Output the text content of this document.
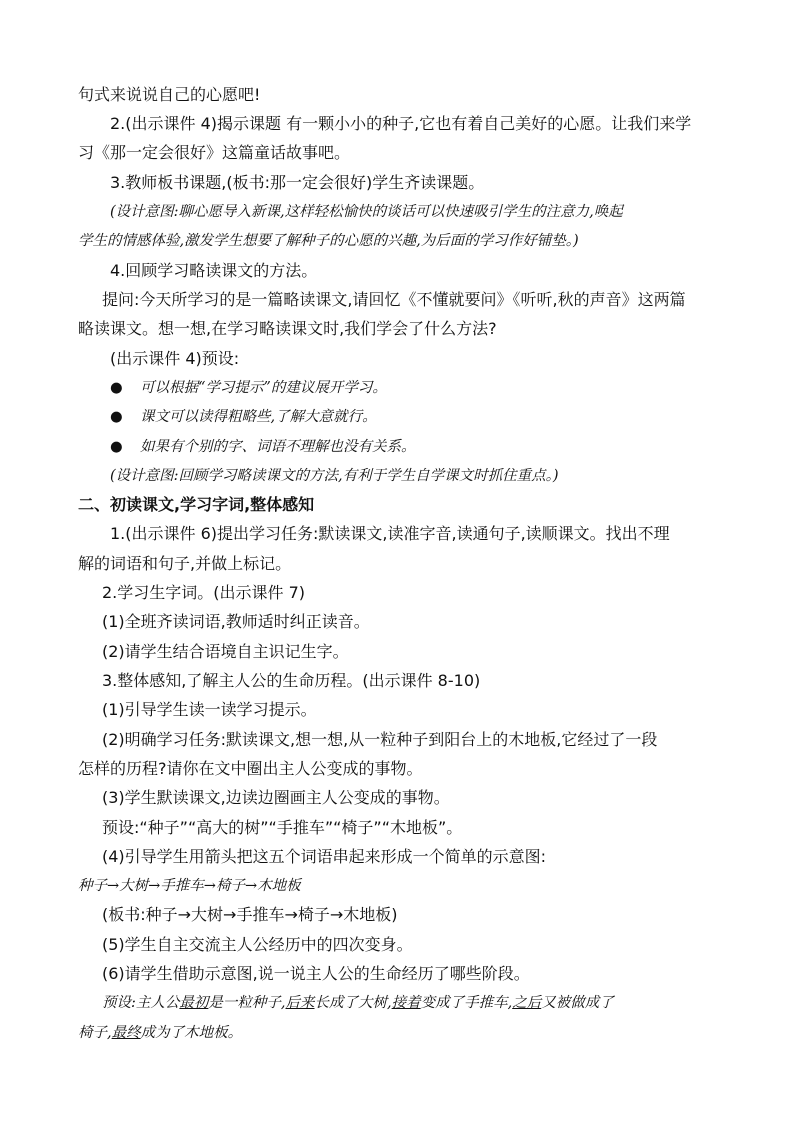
句式来说说自己的心愿吧!
2.(出示课件 4)揭示课题 有一颗小小的种子,它也有着自己美好的心愿。让我们来学
习《那一定会很好》这篇童话故事吧。
3.教师板书课题,(板书:那一定会很好)学生齐读课题。
(设计意图:聊心愿导入新课,这样轻松愉快的谈话可以快速吸引学生的注意力,唤起
学生的情感体验,激发学生想要了解种子的心愿的兴趣,为后面的学习作好铺垫。)
4.回顾学习略读课文的方法。
提问:今天所学习的是一篇略读课文,请回忆《不懂就要问》《听听,秋的声音》这两篇
略读课文。想一想,在学习略读课文时,我们学会了什么方法?
(出示课件 4)预设:
● 可以根据“学习提示”的建议展开学习。
● 课文可以读得粗略些,了解大意就行。
● 如果有个别的字、词语不理解也没有关系。
(设计意图:回顾学习略读课文的方法,有利于学生自学课文时抓住重点。)
二、初读课文,学习字词,整体感知
1.(出示课件 6)提出学习任务:默读课文,读准字音,读通句子,读顺课文。找出不理
解的词语和句子,并做上标记。
2.学习生字词。(出示课件 7)
(1)全班齐读词语,教师适时纠正读音。
(2)请学生结合语境自主识记生字。
3.整体感知,了解主人公的生命历程。(出示课件 8-10)
(1)引导学生读一读学习提示。
(2)明确学习任务:默读课文,想一想,从一粒种子到阳台上的木地板,它经过了一段
怎样的历程?请你在文中圈出主人公变成的事物。
(3)学生默读课文,边读边圈画主人公变成的事物。
预设:“种子”“高大的树”“手推车”“椅子”“木地板”。
(4)引导学生用箭头把这五个词语串起来形成一个简单的示意图:
种子→大树→手推车→椅子→木地板
(板书:种子→大树→手推车→椅子→木地板)
(5)学生自主交流主人公经历中的四次变身。
(6)请学生借助示意图,说一说主人公的生命经历了哪些阶段。
预设:主人公最初是一粒种子,后来长成了大树,接着变成了手推车,之后又被做成了
椅子,最终成为了木地板。
